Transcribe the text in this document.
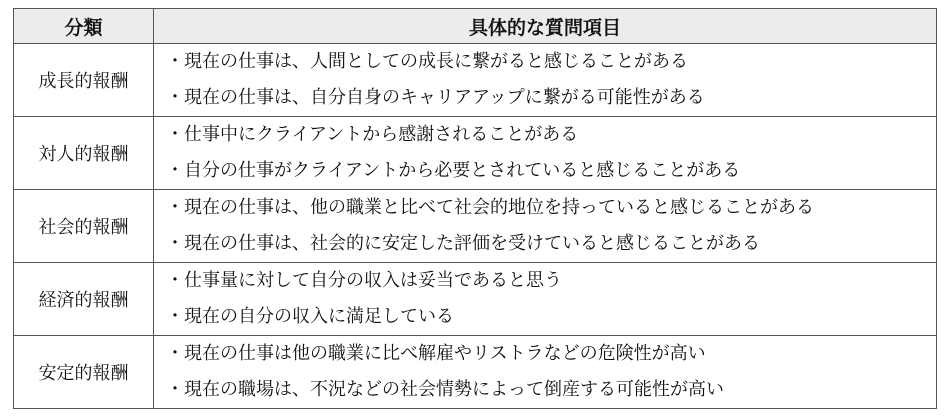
分類	具体的な質問項目
成長的報酬	・現在の仕事は、人間としての成長に繋がると感じることがある
・現在の仕事は、自分自身のキャリアアップに繋がる可能性がある

対人的報酬	・仕事中にクライアントから感謝されることがある
・自分の仕事がクライアントから必要とされていると感じることがある

社会的報酬	・現在の仕事は、他の職業と比べて社会的地位を持っていると感じることがある
・現在の仕事は、社会的に安定した評価を受けていると感じることがある

経済的報酬	・仕事量に対して自分の収入は妥当であると思う
・現在の自分の収入に満足している

安定的報酬	・現在の仕事は他の職業に比べ解雇やリストラなどの危険性が高い
・現在の職場は、不況などの社会情勢によって倒産する可能性が高い
